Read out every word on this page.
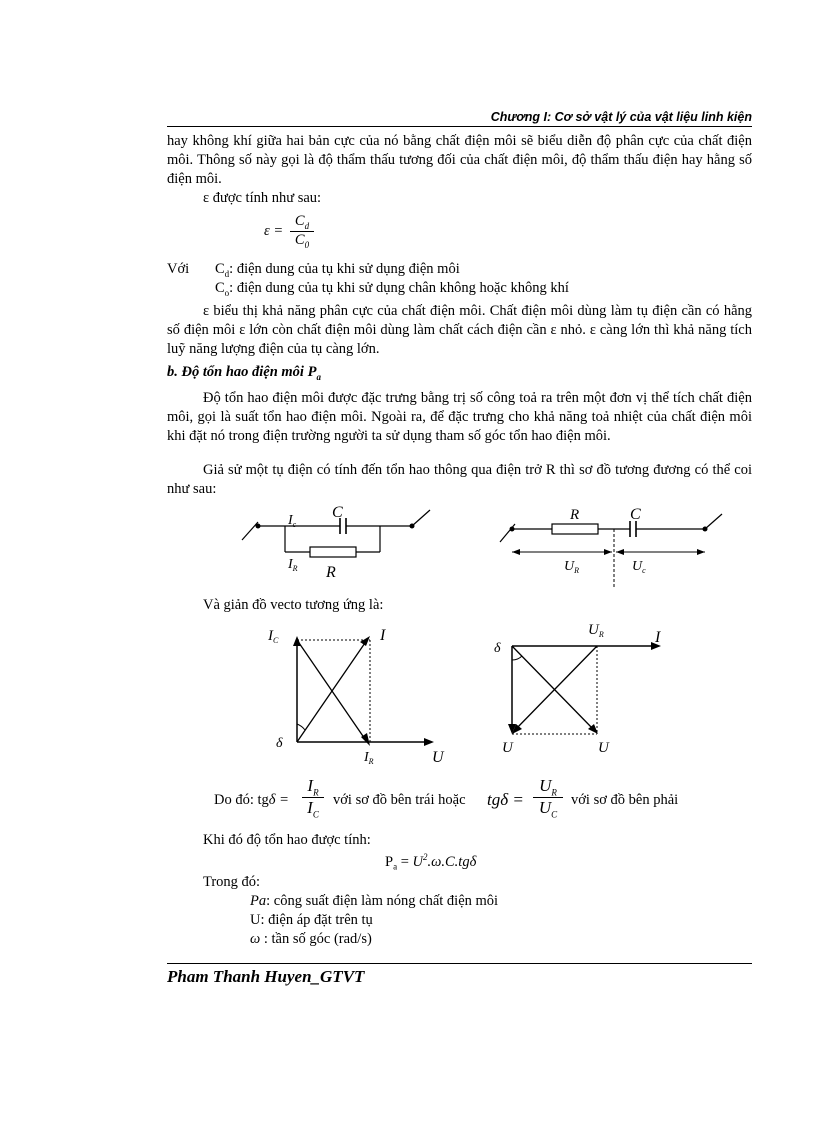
Chương I: Cơ sở vật lý của vật liệu linh kiện
hay không khí giữa hai bản cực của nó bằng chất điện môi sẽ biểu diễn độ phân cực của chất điện môi. Thông số này gọi là độ thẩm thấu tương đối của chất điện môi, độ thẩm thấu điện hay hằng số điện môi.
ε được tính như sau:
$\varepsilon = \frac{C_d}{C_0}$
Với $C_d$: điện dung của tụ khi sử dụng điện môi
$C_o$: điện dung của tụ khi sử dụng chân không hoặc không khí
ε biểu thị khả năng phân cực của chất điện môi. Chất điện môi dùng làm tụ điện cần có hằng số điện môi ε lớn còn chất điện môi dùng làm chất cách điện cần ε nhỏ. ε càng lớn thì khả năng tích luỹ năng lượng điện của tụ càng lớn.
b. Độ tổn hao điện môi $P_a$
Độ tổn hao điện môi được đặc trưng bằng trị số công toả ra trên một đơn vị thể tích chất điện môi, gọi là suất tổn hao điện môi. Ngoài ra, để đặc trưng cho khả năng toả nhiệt của chất điện môi khi đặt nó trong điện trường người ta sử dụng tham số góc tổn hao điện môi.
Giả sử một tụ điện có tính đến tổn hao thông qua điện trở R thì sơ đồ tương đương có thể coi như sau:
$I_c$
C
$I_R$ R
R	C
$U_R$	$U_c$
Và giản đồ vecto tương ứng là:
$I_C$	I
δ
$I_R$	U
$U_R$	I
δ
U	U
Do đó: $tg\delta = \frac{I_R}{I_C}$ với sơ đồ bên trái hoặc $tg\delta = \frac{U_R}{U_C}$ với sơ đồ bên phải
Khi đó độ tổn hao được tính:
$P_a = U^2.\omega.C.tg\delta$
Trong đó:
Pa: công suất điện làm nóng chất điện môi
U: điện áp đặt trên tụ
ω : tần số góc (rad/s)
Pham Thanh Huyen_GTVT
